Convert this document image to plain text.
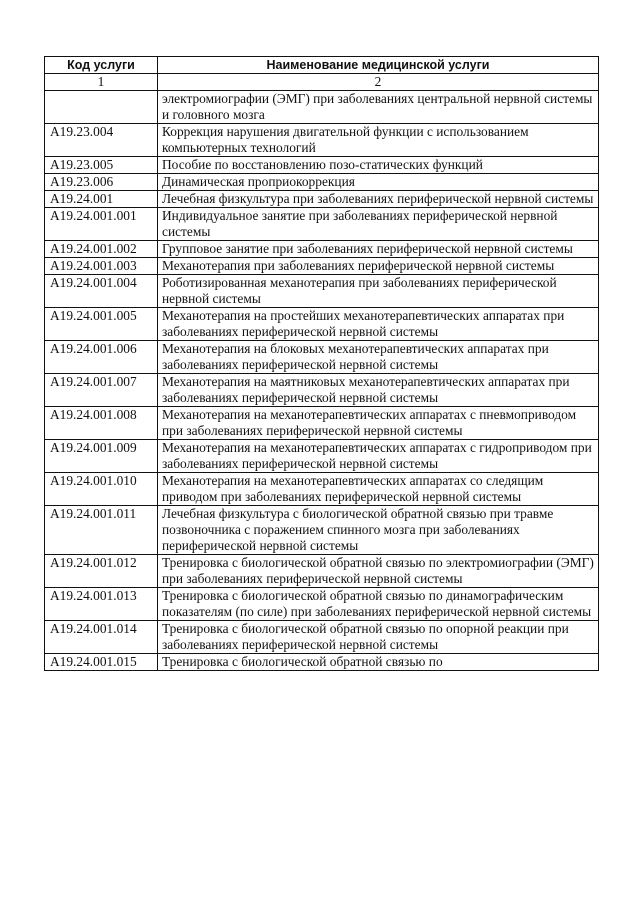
Код услуги	Наименование медицинской услуги
1	2
	электромиографии (ЭМГ) при заболеваниях центральной нервной системы и головного мозга
А19.23.004	Коррекция нарушения двигательной функции с использованием компьютерных технологий
А19.23.005	Пособие по восстановлению позо-статических функций
А19.23.006	Динамическая проприокоррекция
А19.24.001	Лечебная физкультура при заболеваниях периферической нервной системы
А19.24.001.001	Индивидуальное занятие при заболеваниях периферической нервной системы
А19.24.001.002	Групповое занятие при заболеваниях периферической нервной системы
А19.24.001.003	Механотерапия при заболеваниях периферической нервной системы
А19.24.001.004	Роботизированная механотерапия при заболеваниях периферической нервной системы
А19.24.001.005	Механотерапия на простейших механотерапевтических аппаратах при заболеваниях периферической нервной системы
А19.24.001.006	Механотерапия на блоковых механотерапевтических аппаратах при заболеваниях периферической нервной системы
А19.24.001.007	Механотерапия на маятниковых механотерапевтических аппаратах при заболеваниях периферической нервной системы
А19.24.001.008	Механотерапия на механотерапевтических аппаратах с пневмоприводом при заболеваниях периферической нервной системы
А19.24.001.009	Механотерапия на механотерапевтических аппаратах с гидроприводом при заболеваниях периферической нервной системы
А19.24.001.010	Механотерапия на механотерапевтических аппаратах со следящим приводом при заболеваниях периферической нервной системы
А19.24.001.011	Лечебная физкультура с биологической обратной связью при травме позвоночника с поражением спинного мозга при заболеваниях периферической нервной системы
А19.24.001.012	Тренировка с биологической обратной связью по электромиографии (ЭМГ) при заболеваниях периферической нервной системы
А19.24.001.013	Тренировка с биологической обратной связью по динамографическим показателям (по силе) при заболеваниях периферической нервной системы
А19.24.001.014	Тренировка с биологической обратной связью по опорной реакции при заболеваниях периферической нервной системы
А19.24.001.015	Тренировка с биологической обратной связью по
